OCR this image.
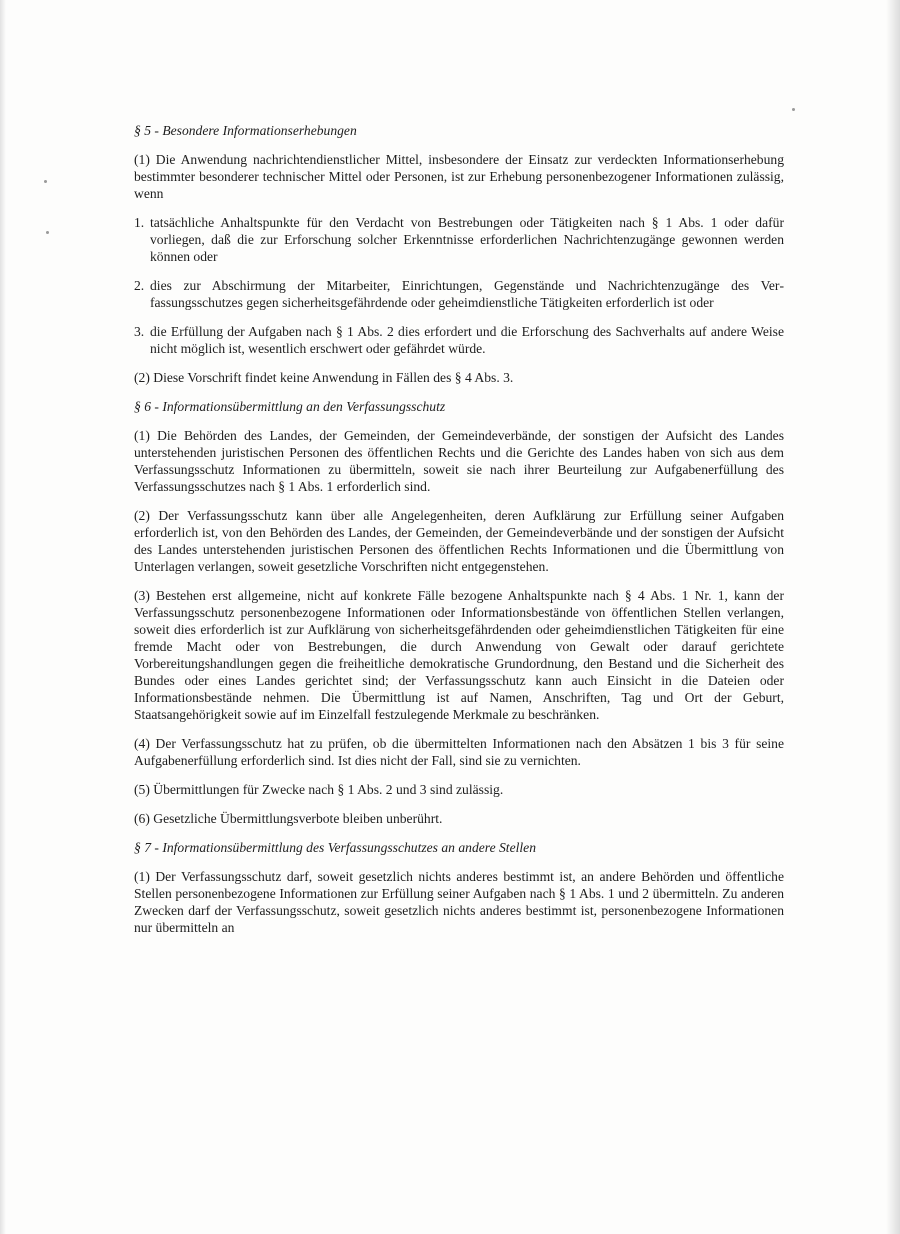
§ 5 - Besondere Informationserhebungen
(1) Die Anwendung nachrichtendienstlicher Mittel, insbesondere der Einsatz zur verdeckten Informationserhebung bestimmter besonderer technischer Mittel oder Personen, ist zur Erhebung personenbezogener Informationen zulässig, wenn
1. tatsächliche Anhaltspunkte für den Verdacht von Bestrebungen oder Tätigkeiten nach § 1 Abs. 1 oder dafür vorliegen, daß die zur Erforschung solcher Erkenntnisse erforderlichen Nachrichtenzugänge gewonnen werden können oder
2. dies zur Abschirmung der Mitarbeiter, Einrichtungen, Gegenstände und Nachrichtenzugänge des Verfassungsschutzes gegen sicherheitsgefährdende oder geheimdienstliche Tätigkeiten erforderlich ist oder
3. die Erfüllung der Aufgaben nach § 1 Abs. 2 dies erfordert und die Erforschung des Sachverhalts auf andere Weise nicht möglich ist, wesentlich erschwert oder gefährdet würde.
(2) Diese Vorschrift findet keine Anwendung in Fällen des § 4 Abs. 3.
§ 6 - Informationsübermittlung an den Verfassungsschutz
(1) Die Behörden des Landes, der Gemeinden, der Gemeindeverbände, der sonstigen der Aufsicht des Landes unterstehenden juristischen Personen des öffentlichen Rechts und die Gerichte des Landes haben von sich aus dem Verfassungsschutz Informationen zu übermitteln, soweit sie nach ihrer Beurteilung zur Aufgabenerfüllung des Verfassungsschutzes nach § 1 Abs. 1 erforderlich sind.
(2) Der Verfassungsschutz kann über alle Angelegenheiten, deren Aufklärung zur Erfüllung seiner Aufgaben erforderlich ist, von den Behörden des Landes, der Gemeinden, der Gemeindeverbände und der sonstigen der Aufsicht des Landes unterstehenden juristischen Personen des öffentlichen Rechts Informationen und die Übermittlung von Unterlagen verlangen, soweit gesetzliche Vorschriften nicht entgegenstehen.
(3) Bestehen erst allgemeine, nicht auf konkrete Fälle bezogene Anhaltspunkte nach § 4 Abs. 1 Nr. 1, kann der Verfassungsschutz personenbezogene Informationen oder Informationsbestände von öffentlichen Stellen verlangen, soweit dies erforderlich ist zur Aufklärung von sicherheitsgefährdenden oder geheimdienstlichen Tätigkeiten für eine fremde Macht oder von Bestrebungen, die durch Anwendung von Gewalt oder darauf gerichtete Vorbereitungshandlungen gegen die freiheitliche demokratische Grundordnung, den Bestand und die Sicherheit des Bundes oder eines Landes gerichtet sind; der Verfassungsschutz kann auch Einsicht in die Dateien oder Informationsbestände nehmen. Die Übermittlung ist auf Namen, Anschriften, Tag und Ort der Geburt, Staatsangehörigkeit sowie auf im Einzelfall festzulegende Merkmale zu beschränken.
(4) Der Verfassungsschutz hat zu prüfen, ob die übermittelten Informationen nach den Absätzen 1 bis 3 für seine Aufgabenerfüllung erforderlich sind. Ist dies nicht der Fall, sind sie zu vernichten.
(5) Übermittlungen für Zwecke nach § 1 Abs. 2 und 3 sind zulässig.
(6) Gesetzliche Übermittlungsverbote bleiben unberührt.
§ 7 - Informationsübermittlung des Verfassungsschutzes an andere Stellen
(1) Der Verfassungsschutz darf, soweit gesetzlich nichts anderes bestimmt ist, an andere Behörden und öffentliche Stellen personenbezogene Informationen zur Erfüllung seiner Aufgaben nach § 1 Abs. 1 und 2 übermitteln. Zu anderen Zwecken darf der Verfassungsschutz, soweit gesetzlich nichts anderes bestimmt ist, personenbezogene Informationen nur übermitteln an
